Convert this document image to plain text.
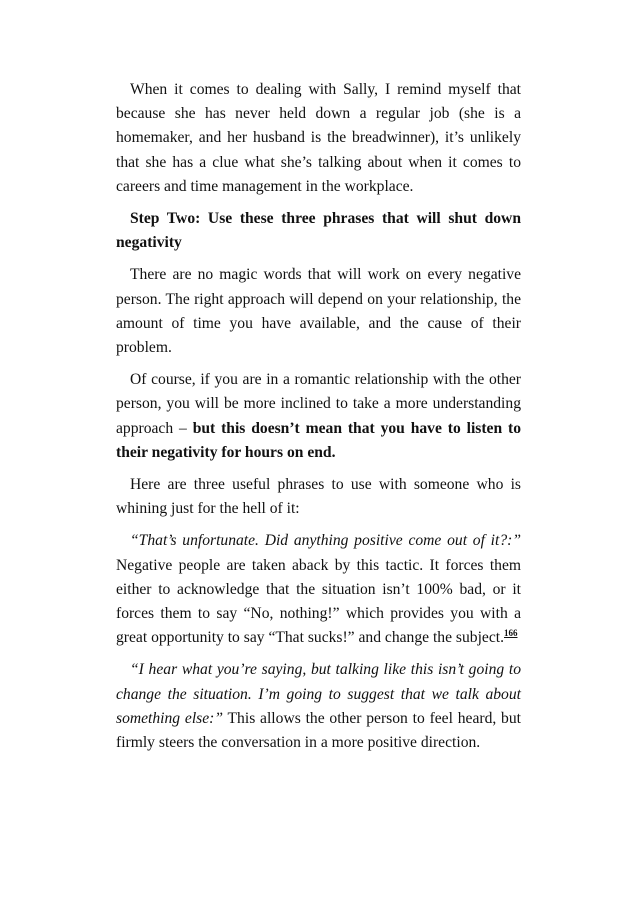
When it comes to dealing with Sally, I remind myself that because she has never held down a regular job (she is a homemaker, and her husband is the breadwinner), it’s unlikely that she has a clue what she’s talking about when it comes to careers and time management in the workplace.

Step Two: Use these three phrases that will shut down negativity

There are no magic words that will work on every negative person. The right approach will depend on your relationship, the amount of time you have available, and the cause of their problem.

Of course, if you are in a romantic relationship with the other person, you will be more inclined to take a more understanding approach – but this doesn’t mean that you have to listen to their negativity for hours on end.

Here are three useful phrases to use with someone who is whining just for the hell of it:

“That’s unfortunate. Did anything positive come out of it?:” Negative people are taken aback by this tactic. It forces them either to acknowledge that the situation isn’t 100% bad, or it forces them to say “No, nothing!” which provides you with a great opportunity to say “That sucks!” and change the subject.$^{166}$

“I hear what you’re saying, but talking like this isn’t going to change the situation. I’m going to suggest that we talk about something else:” This allows the other person to feel heard, but firmly steers the conversation in a more positive direction.
